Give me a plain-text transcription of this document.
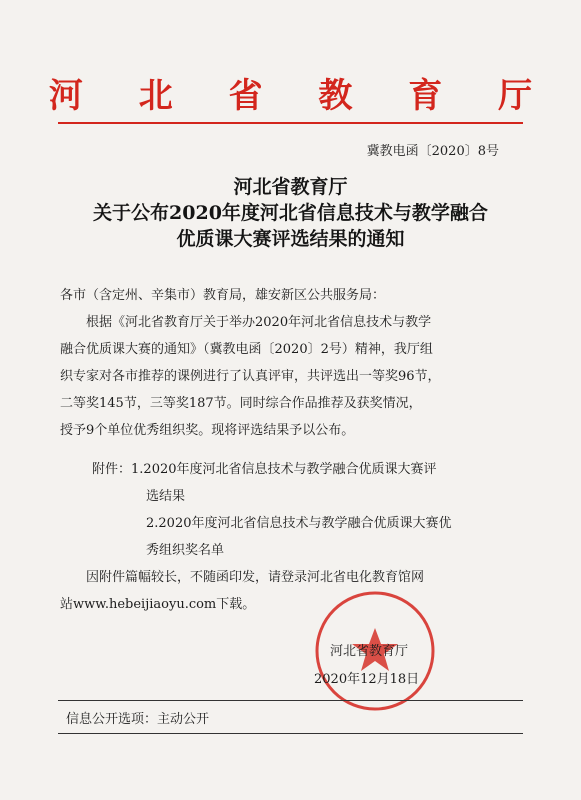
河 北 省 教 育 厅
冀教电函〔2020〕8号
河北省教育厅
关于公布2020年度河北省信息技术与教学融合
优质课大赛评选结果的通知

各市（含定州、辛集市）教育局，雄安新区公共服务局：

根据《河北省教育厅关于举办2020年河北省信息技术与教学

融合优质课大赛的通知》（冀教电函〔2020〕2号）精神，我厅组

织专家对各市推荐的课例进行了认真评审，共评选出一等奖96节，

二等奖145节，三等奖187节。同时综合作品推荐及获奖情况，

授予9个单位优秀组织奖。现将评选结果予以公布。

附件： 1.2020年度河北省信息技术与教学融合优质课大赛评
选结果
2.2020年度河北省信息技术与教学融合优质课大赛优
秀组织奖名单
因附件篇幅较长，不随函印发，请登录河北省电化教育馆网
站www.hebeijiaoyu.com下载。
河北省教育厅
2020年12月18日
信息公开选项：主动公开
